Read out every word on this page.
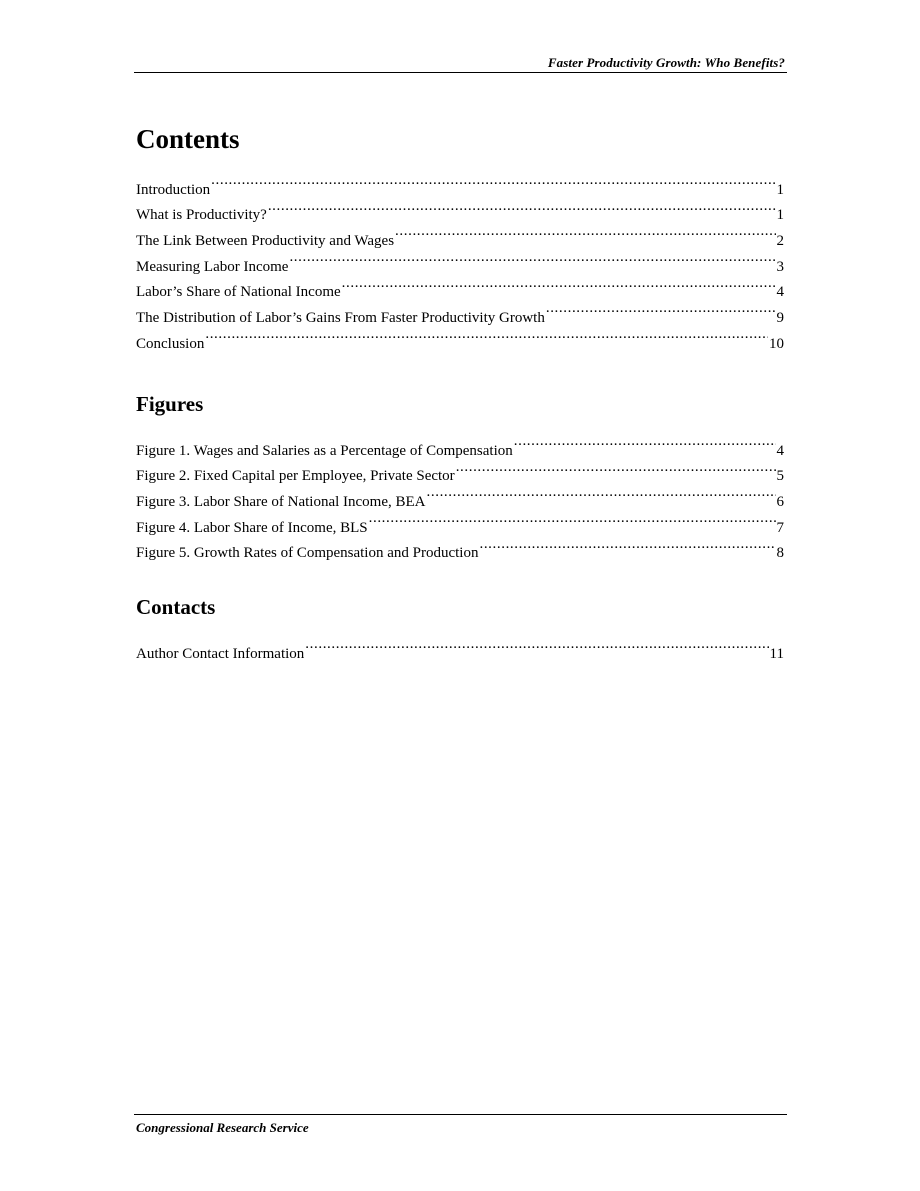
Faster Productivity Growth: Who Benefits?
Contents
Introduction .....	1
What is Productivity? .....	1
The Link Between Productivity and Wages .....	2
Measuring Labor Income .....	3
Labor’s Share of National Income .....	4
The Distribution of Labor’s Gains From Faster Productivity Growth .....	9
Conclusion .....	10
Figures
Figure 1. Wages and Salaries as a Percentage of Compensation .....	4
Figure 2. Fixed Capital per Employee, Private Sector .....	5
Figure 3. Labor Share of National Income, BEA .....	6
Figure 4. Labor Share of Income, BLS .....	7
Figure 5. Growth Rates of Compensation and Production .....	8
Contacts
Author Contact Information .....	11
Congressional Research Service
